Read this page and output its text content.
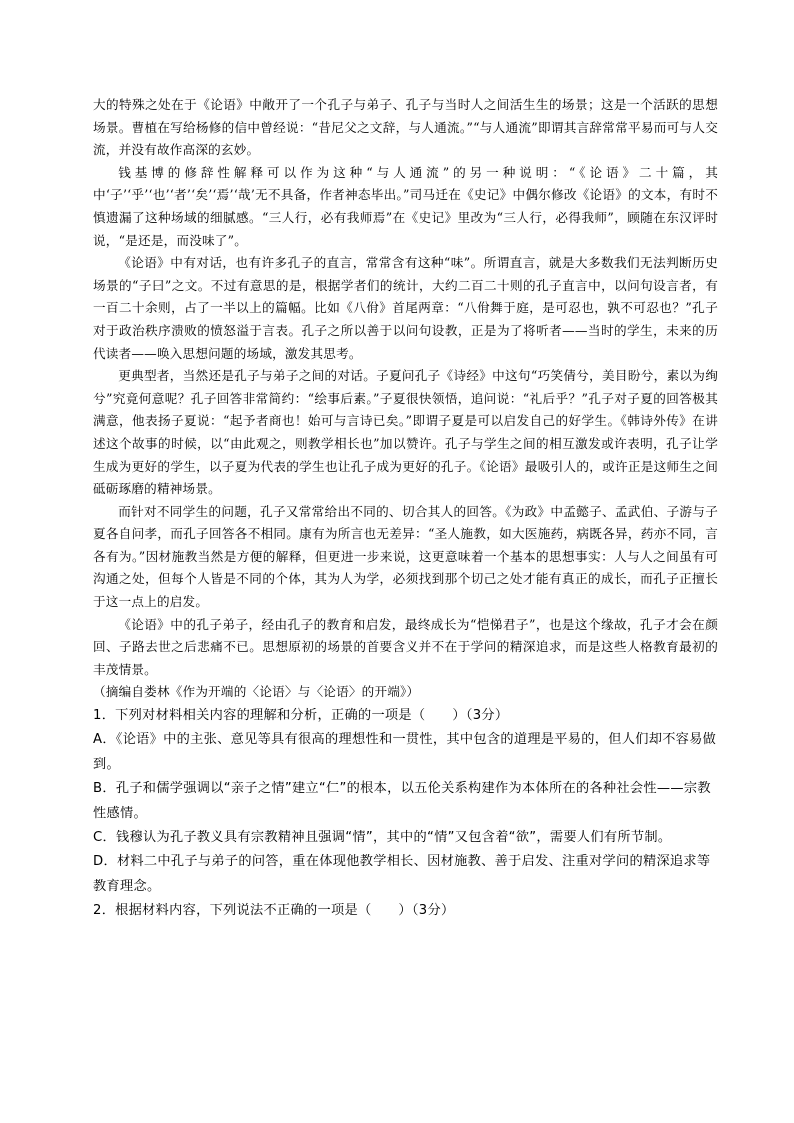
大的特殊之处在于《论语》中敞开了一个孔子与弟子、孔子与当时人之间活生生的场景；这是一个活跃的思想场景。曹植在写给杨修的信中曾经说：“昔尼父之文辞，与人通流。”“与人通流”即谓其言辞常常平易而可与人交流，并没有故作高深的玄妙。

钱基博的修辞性解释可以作为这种“与人通流”的另一种说明：“《论语》二十篇，其中‘子’‘乎’‘也’‘者’‘矣’‘焉’‘哉’无不具备，作者神态毕出。”司马迁在《史记》中偶尔修改《论语》的文本，有时不慎遗漏了这种场域的细腻感。“三人行，必有我师焉”在《史记》里改为“三人行，必得我师”，顾随在东汉评时说，“是还是，而没味了”。

《论语》中有对话，也有许多孔子的直言，常常含有这种“味”。所谓直言，就是大多数我们无法判断历史场景的“子曰”之文。不过有意思的是，根据学者们的统计，大约二百二十则的孔子直言中，以问句设言者，有一百二十余则，占了一半以上的篇幅。比如《八佾》首尾两章：“八佾舞于庭，是可忍也，孰不可忍也？”孔子对于政治秩序溃败的愤怒溢于言表。孔子之所以善于以问句设教，正是为了将听者——当时的学生，未来的历代读者——唤入思想问题的场域，激发其思考。

更典型者，当然还是孔子与弟子之间的对话。子夏问孔子《诗经》中这句“巧笑倩兮，美目盼兮，素以为绚兮”究竟何意呢？孔子回答非常简约：“绘事后素。”子夏很快领悟，追问说：“礼后乎？”孔子对子夏的回答极其满意，他表扬子夏说：“起予者商也！始可与言诗已矣。”即谓子夏是可以启发自己的好学生。《韩诗外传》在讲述这个故事的时候，以“由此观之，则教学相长也”加以赞许。孔子与学生之间的相互激发或许表明，孔子让学生成为更好的学生，以子夏为代表的学生也让孔子成为更好的孔子。《论语》最吸引人的，或许正是这师生之间砥砺琢磨的精神场景。

而针对不同学生的问题，孔子又常常给出不同的、切合其人的回答。《为政》中孟懿子、孟武伯、子游与子夏各自问孝，而孔子回答各不相同。康有为所言也无差异：“圣人施教，如大医施药，病既各异，药亦不同，言各有为。”因材施教当然是方便的解释，但更进一步来说，这更意味着一个基本的思想事实：人与人之间虽有可沟通之处，但每个人皆是不同的个体，其为人为学，必须找到那个切己之处才能有真正的成长，而孔子正擅长于这一点上的启发。

《论语》中的孔子弟子，经由孔子的教育和启发，最终成长为“恺悌君子”，也是这个缘故，孔子才会在颜回、子路去世之后悲痛不已。思想原初的场景的首要含义并不在于学问的精深追求，而是这些人格教育最初的丰茂情景。

（摘编自娄林《作为开端的〈论语〉与〈论语〉的开端》）

1．下列对材料相关内容的理解和分析，正确的一项是（　　）（3分）

A．《论语》中的主张、意见等具有很高的理想性和一贯性，其中包含的道理是平易的，但人们却不容易做到。

B．孔子和儒学强调以“亲子之情”建立“仁”的根本，以五伦关系构建作为本体所在的各种社会性——宗教性感情。

C．钱穆认为孔子教义具有宗教精神且强调“情”，其中的“情”又包含着“欲”，需要人们有所节制。

D．材料二中孔子与弟子的问答，重在体现他教学相长、因材施教、善于启发、注重对学问的精深追求等教育理念。

2．根据材料内容，下列说法不正确的一项是（　　）（3分）
